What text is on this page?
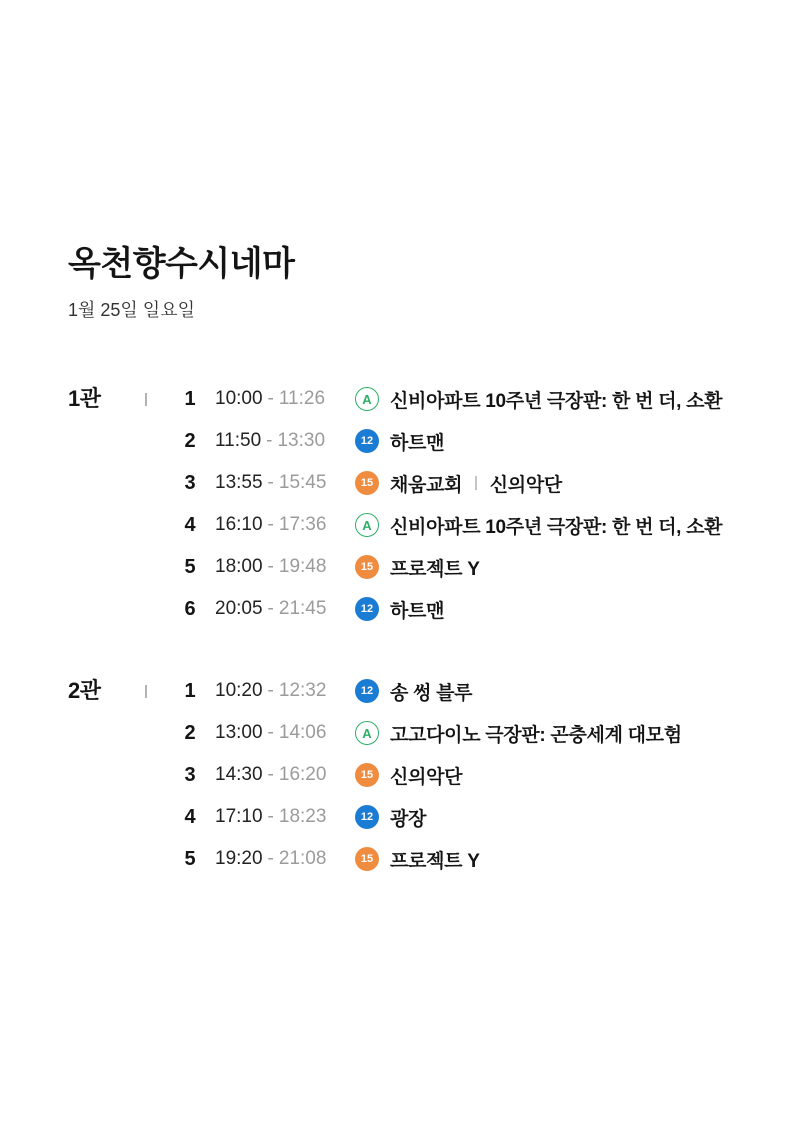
옥천향수시네마
1월 25일 일요일
1관	1	10:00 - 11:26	A 신비아파트 10주년 극장판: 한 번 더, 소환
2	11:50 - 13:30	12 하트맨
3	13:55 - 15:45	15 채움교회 신의악단
4	16:10 - 17:36	A 신비아파트 10주년 극장판: 한 번 더, 소환
5	18:00 - 19:48	15 프로젝트 Y
6	20:05 - 21:45	12 하트맨
2관	1	10:20 - 12:32	12 송 썽 블루
2	13:00 - 14:06	A 고고다이노 극장판: 곤충세계 대모험
3	14:30 - 16:20	15 신의악단
4	17:10 - 18:23	12 광장
5	19:20 - 21:08	15 프로젝트 Y
